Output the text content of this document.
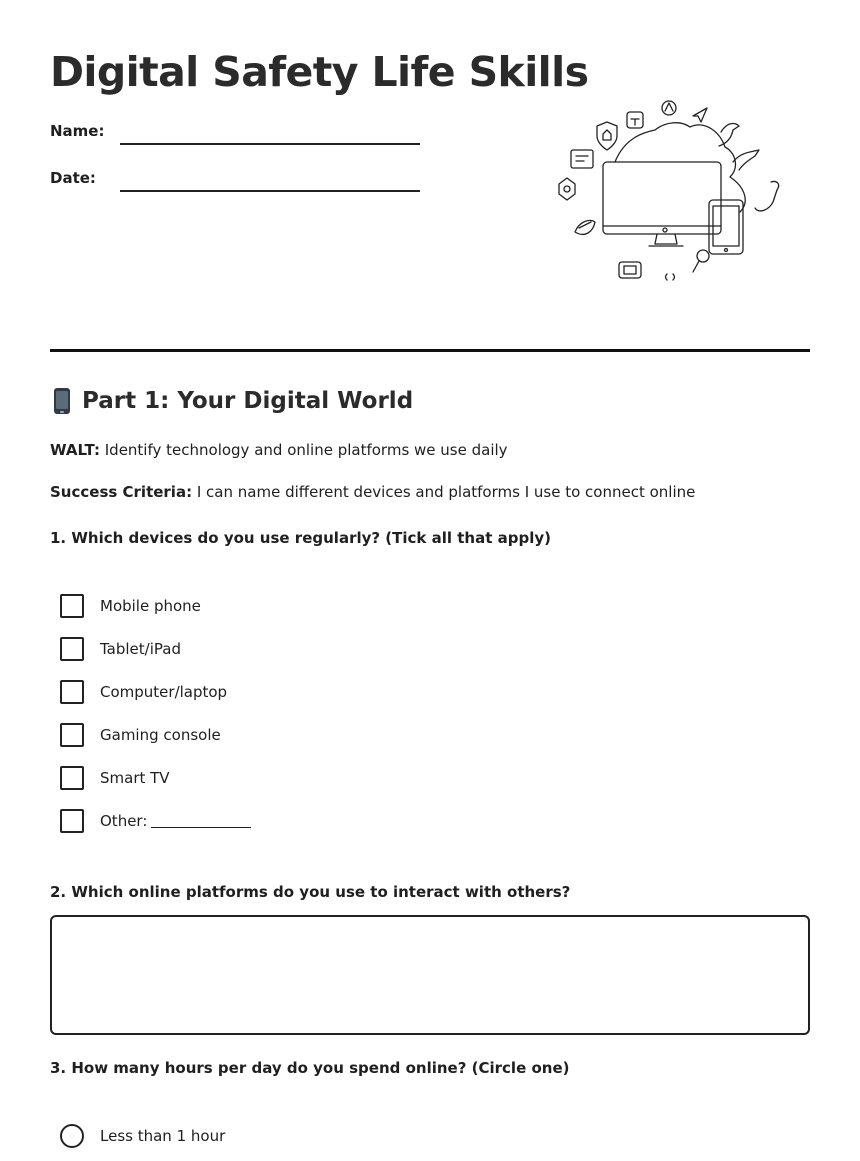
Digital Safety Life Skills
Name:
Date:
Part 1: Your Digital World
WALT: Identify technology and online platforms we use daily
Success Criteria: I can name different devices and platforms I use to connect online
1. Which devices do you use regularly? (Tick all that apply)
Mobile phone
Tablet/iPad
Computer/laptop
Gaming console
Smart TV
Other:
2. Which online platforms do you use to interact with others?
3. How many hours per day do you spend online? (Circle one)
Less than 1 hour
